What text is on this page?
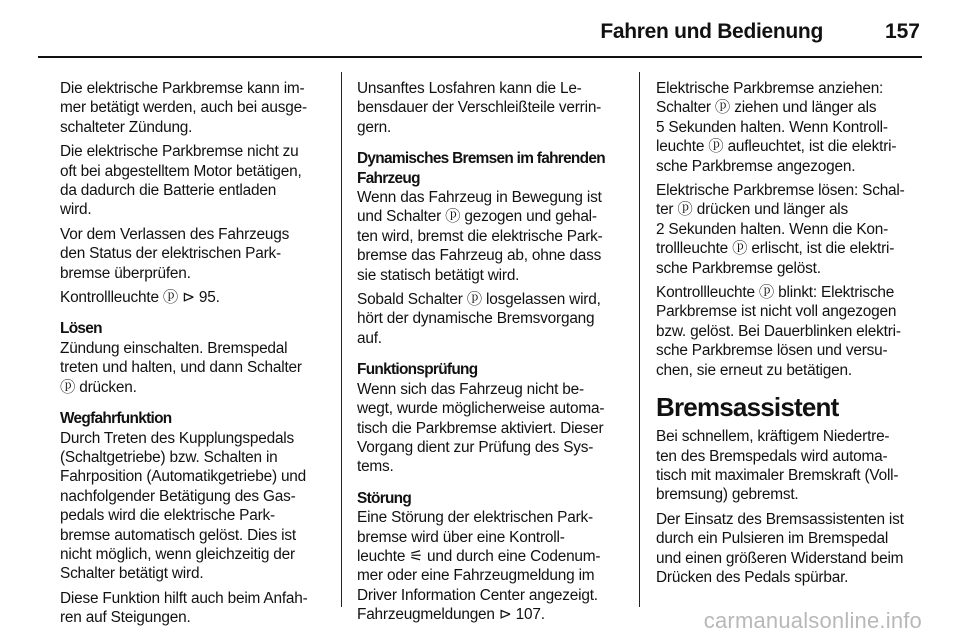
Fahren und Bedienung	157

Die elektrische Parkbremse kann im-
mer betätigt werden, auch bei ausge-
schalteter Zündung.

Die elektrische Parkbremse nicht zu
oft bei abgestelltem Motor betätigen,
da dadurch die Batterie entladen
wird.

Vor dem Verlassen des Fahrzeugs
den Status der elektrischen Park-
bremse überprüfen.

Kontrollleuchte ⓟ ⊳ 95.

Lösen

Zündung einschalten. Bremspedal
treten und halten, und dann Schalter
ⓟ drücken.

Wegfahrfunktion

Durch Treten des Kupplungspedals
(Schaltgetriebe) bzw. Schalten in
Fahrposition (Automatikgetriebe) und
nachfolgender Betätigung des Gas-
pedals wird die elektrische Park-
bremse automatisch gelöst. Dies ist
nicht möglich, wenn gleichzeitig der
Schalter betätigt wird.

Diese Funktion hilft auch beim Anfah-
ren auf Steigungen.

Unsanftes Losfahren kann die Le-
bensdauer der Verschleißteile verrin-
gern.

Dynamisches Bremsen im fahrenden
Fahrzeug

Wenn das Fahrzeug in Bewegung ist
und Schalter ⓟ gezogen und gehal-
ten wird, bremst die elektrische Park-
bremse das Fahrzeug ab, ohne dass
sie statisch betätigt wird.

Sobald Schalter ⓟ losgelassen wird,
hört der dynamische Bremsvorgang
auf.

Funktionsprüfung

Wenn sich das Fahrzeug nicht be-
wegt, wurde möglicherweise automa-
tisch die Parkbremse aktiviert. Dieser
Vorgang dient zur Prüfung des Sys-
tems.

Störung

Eine Störung der elektrischen Park-
bremse wird über eine Kontroll-
leuchte ⚟ und durch eine Codenum-
mer oder eine Fahrzeugmeldung im
Driver Information Center angezeigt.
Fahrzeugmeldungen ⊳ 107.

Elektrische Parkbremse anziehen:
Schalter ⓟ ziehen und länger als
5 Sekunden halten. Wenn Kontroll-
leuchte ⓟ aufleuchtet, ist die elektri-
sche Parkbremse angezogen.

Elektrische Parkbremse lösen: Schal-
ter ⓟ drücken und länger als
2 Sekunden halten. Wenn die Kon-
trollleuchte ⓟ erlischt, ist die elektri-
sche Parkbremse gelöst.

Kontrollleuchte ⓟ blinkt: Elektrische
Parkbremse ist nicht voll angezogen
bzw. gelöst. Bei Dauerblinken elektri-
sche Parkbremse lösen und versu-
chen, sie erneut zu betätigen.

Bremsassistent

Bei schnellem, kräftigem Niedertre-
ten des Bremspedals wird automa-
tisch mit maximaler Bremskraft (Voll-
bremsung) gebremst.

Der Einsatz des Bremsassistenten ist
durch ein Pulsieren im Bremspedal
und einen größeren Widerstand beim
Drücken des Pedals spürbar.

carmanualsonline.info
